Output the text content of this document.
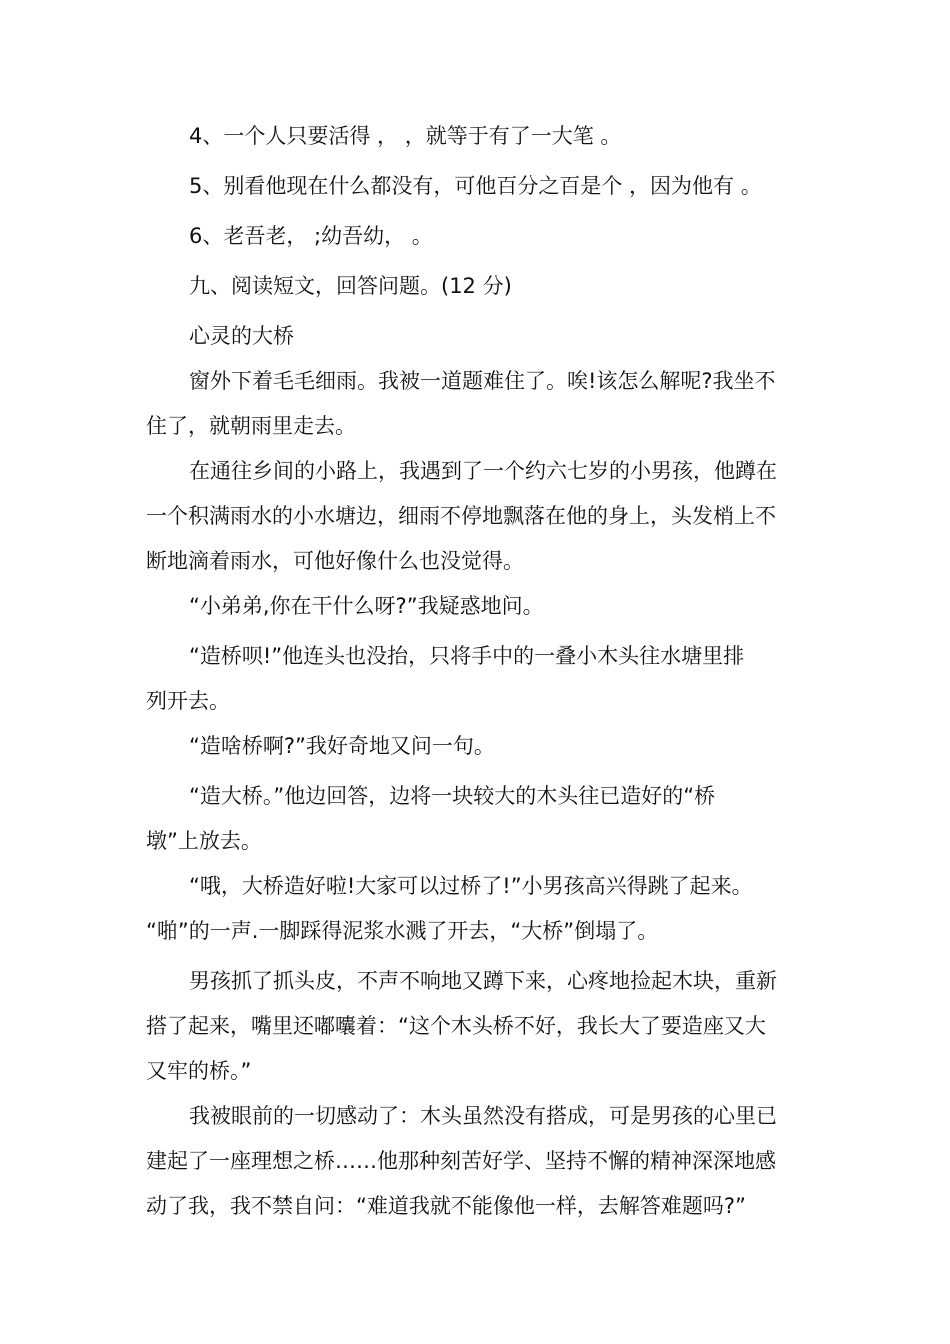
4、一个人只要活得 ， ，就等于有了一大笔 。
5、别看他现在什么都没有，可他百分之百是个 ，因为他有 。
6、老吾老， ;幼吾幼， 。
九、阅读短文，回答问题。(12 分)
心灵的大桥
窗外下着毛毛细雨。我被一道题难住了。唉!该怎么解呢?我坐不
住了，就朝雨里走去。
在通往乡间的小路上，我遇到了一个约六七岁的小男孩，他蹲在
一个积满雨水的小水塘边，细雨不停地飘落在他的身上，头发梢上不
断地滴着雨水，可他好像什么也没觉得。
“小弟弟,你在干什么呀?”我疑惑地问。
“造桥呗!”他连头也没抬，只将手中的一叠小木头往水塘里排
列开去。
“造啥桥啊?”我好奇地又问一句。
“造大桥。”他边回答，边将一块较大的木头往已造好的“桥
墩”上放去。
“哦，大桥造好啦!大家可以过桥了!”小男孩高兴得跳了起来。
“啪”的一声.一脚踩得泥浆水溅了开去，“大桥”倒塌了。
男孩抓了抓头皮，不声不响地又蹲下来，心疼地捡起木块，重新
搭了起来，嘴里还嘟囔着：“这个木头桥不好，我长大了要造座又大
又牢的桥。”
我被眼前的一切感动了：木头虽然没有搭成，可是男孩的心里已
建起了一座理想之桥……他那种刻苦好学、坚持不懈的精神深深地感
动了我，我不禁自问：“难道我就不能像他一样，去解答难题吗?”
